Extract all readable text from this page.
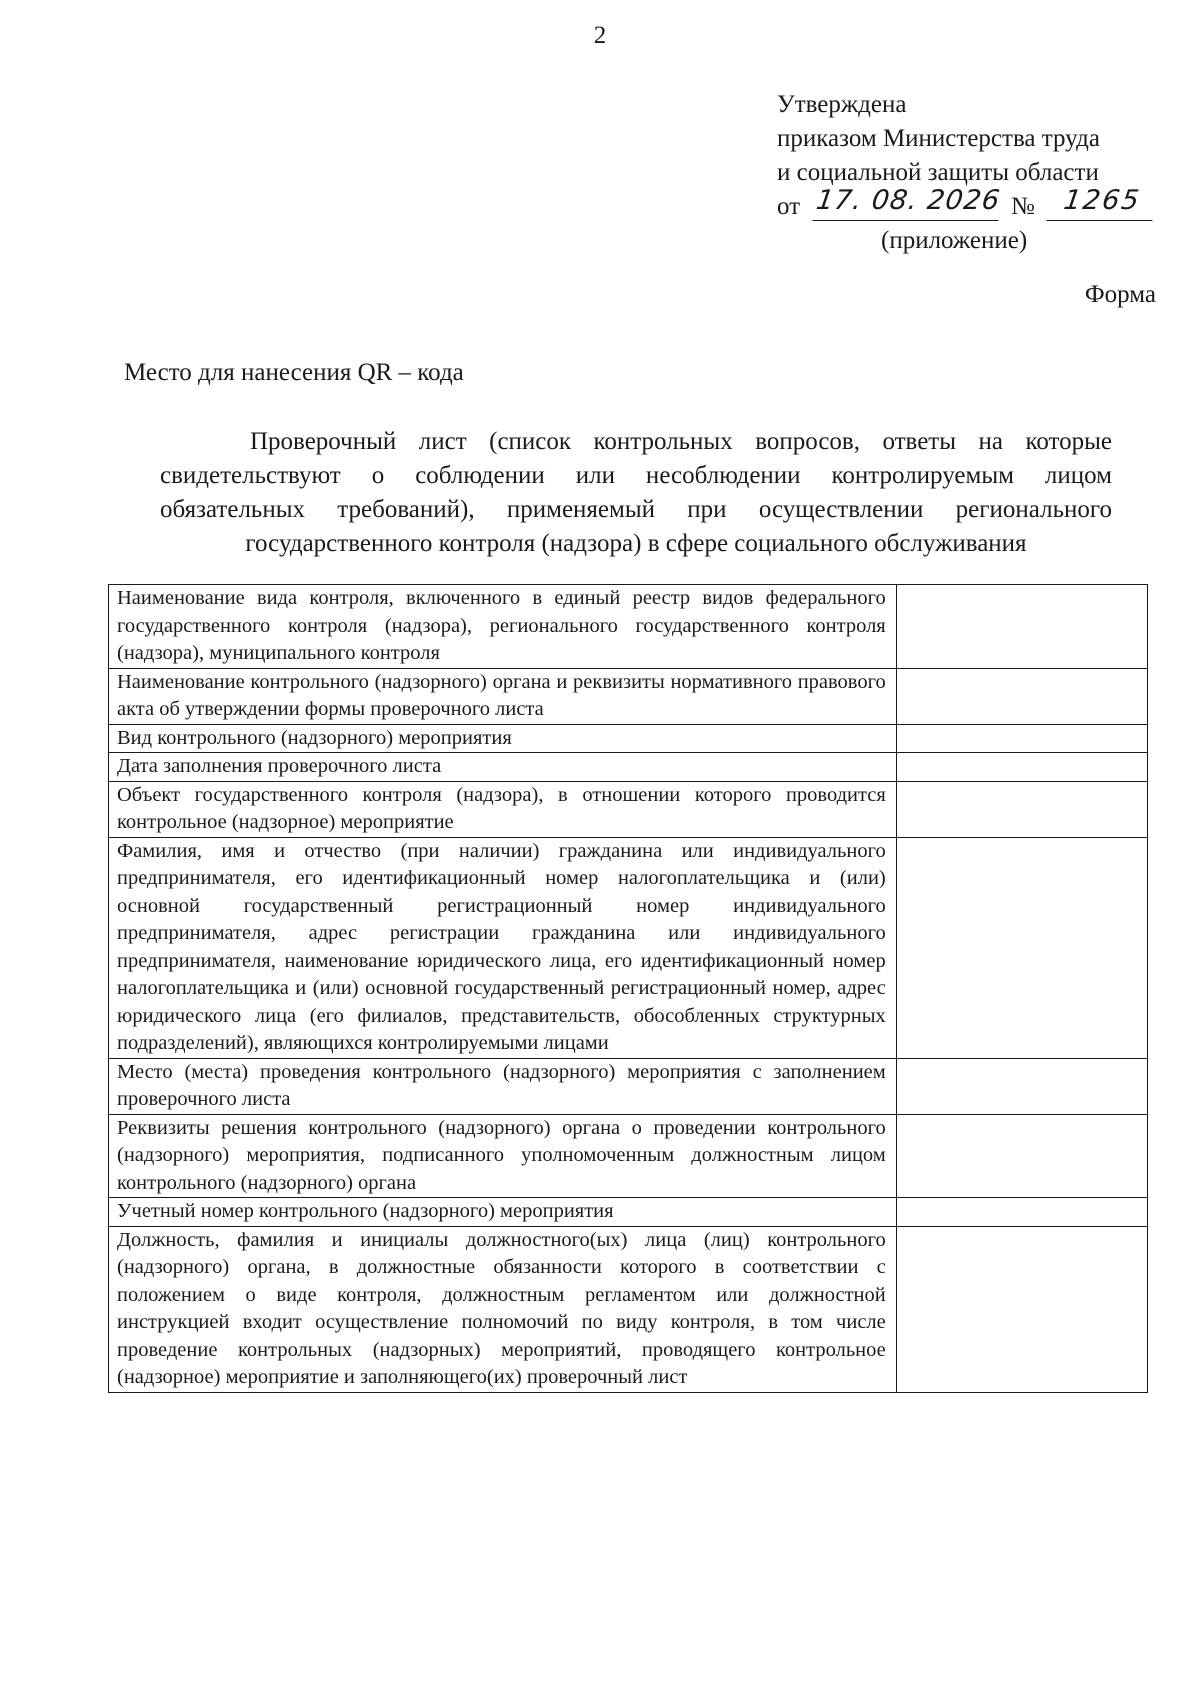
2
Утверждена
приказом Министерства труда
и социальной защиты области
от 17. 08. 2026 № 1265
(приложение)
Форма
Место для нанесения QR – кода
Проверочный лист (список контрольных вопросов, ответы на которые свидетельствуют о соблюдении или несоблюдении контролируемым лицом обязательных требований), применяемый при осуществлении регионального государственного контроля (надзора) в сфере социального обслуживания
Наименование вида контроля, включенного в единый реестр видов федерального государственного контроля (надзора), регионального государственного контроля (надзора), муниципального контроля	
Наименование контрольного (надзорного) органа и реквизиты нормативного правового акта об утверждении формы проверочного листа	
Вид контрольного (надзорного) мероприятия	
Дата заполнения проверочного листа	
Объект государственного контроля (надзора), в отношении которого проводится контрольное (надзорное) мероприятие	
Фамилия, имя и отчество (при наличии) гражданина или индивидуального предпринимателя, его идентификационный номер налогоплательщика и (или) основной государственный регистрационный номер индивидуального предпринимателя, адрес регистрации гражданина или индивидуального предпринимателя, наименование юридического лица, его идентификационный номер налогоплательщика и (или) основной государственный регистрационный номер, адрес юридического лица (его филиалов, представительств, обособленных структурных подразделений), являющихся контролируемыми лицами	
Место (места) проведения контрольного (надзорного) мероприятия с заполнением проверочного листа	
Реквизиты решения контрольного (надзорного) органа о проведении контрольного (надзорного) мероприятия, подписанного уполномоченным должностным лицом контрольного (надзорного) органа	
Учетный номер контрольного (надзорного) мероприятия	
Должность, фамилия и инициалы должностного(ых) лица (лиц) контрольного (надзорного) органа, в должностные обязанности которого в соответствии с положением о виде контроля, должностным регламентом или должностной инструкцией входит осуществление полномочий по виду контроля, в том числе проведение контрольных (надзорных) мероприятий, проводящего контрольное (надзорное) мероприятие и заполняющего(их) проверочный лист	
